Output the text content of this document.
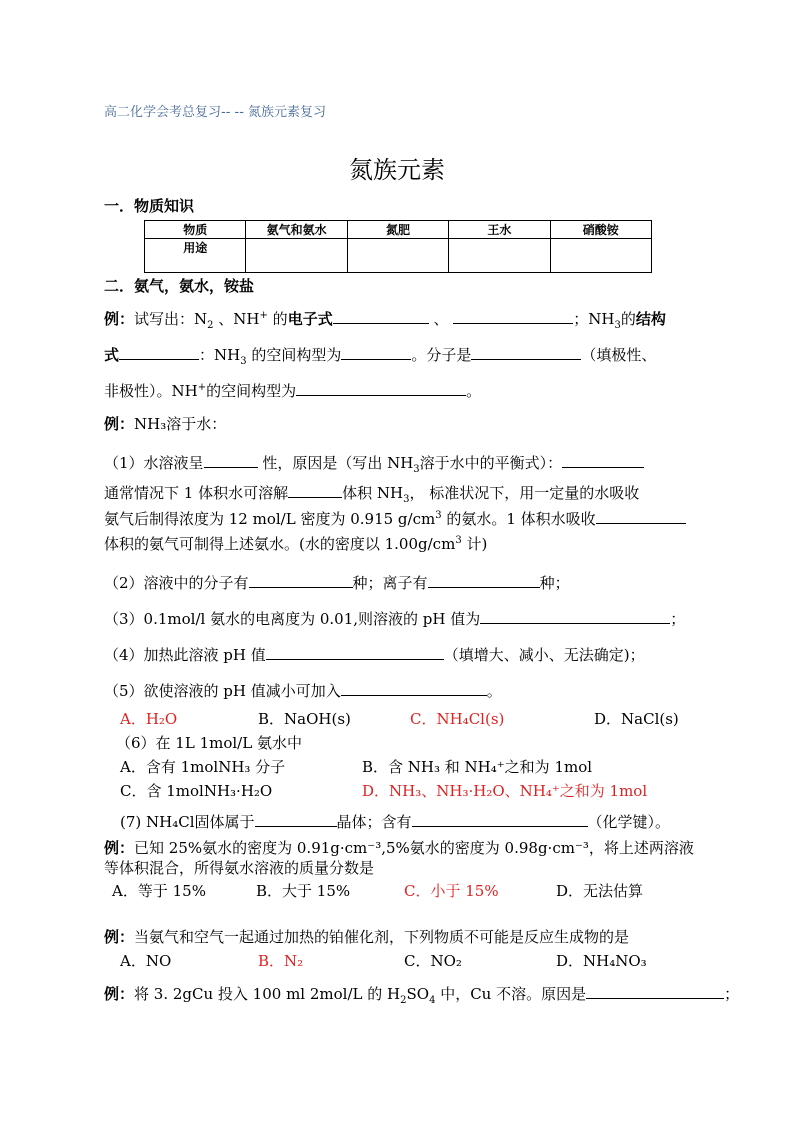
高二化学会考总复习-- -- 氮族元素复习
氮族元素
一．物质知识
物质	氨气和氨水	氮肥	王水	硝酸铵
用途				
二．氨气，氨水，铵盐
例：试写出：$N_2$ 、NH+ 的电子式	、	；$NH_3$的结构
式	：$NH_3$ 的空间构型为	。分子是	（填极性、
非极性）。NH+的空间构型为	。
例：NH₃溶于水：
（1）水溶液呈	性，原因是（写出 $NH_3$溶于水中的平衡式）：
通常情况下 1 体积水可溶解	体积 $NH_3$， 标准状况下，用一定量的水吸收
氨气后制得浓度为 12 mol/L 密度为 0.915 $g/cm^3$ 的氨水。1 体积水吸收
体积的氨气可制得上述氨水。(水的密度以 $1.00g/cm^3$ 计)
（2）溶液中的分子有	种；离子有	种；
（3）0.1mol/l 氨水的电离度为 0.01,则溶液的 pH 值为	；
（4）加热此溶液 pH 值	（填增大、减小、无法确定)；
（5）欲使溶液的 pH 值减小可加入	。
A．H₂O	B．NaOH(s)	C．NH₄Cl(s)	D．NaCl(s)
（6）在 1L 1mol/L 氨水中
A．含有 1molNH₃ 分子	B．含 NH₃ 和 NH₄⁺之和为 1mol
C．含 1molNH₃·H₂O	D．NH₃、NH₃·H₂O、NH₄⁺之和为 1mol
(7) NH₄Cl固体属于	晶体；含有	（化学键）。
例：已知 25%氨水的密度为 0.91g·cm⁻³,5%氨水的密度为 0.98g·cm⁻³，将上述两溶液
等体积混合，所得氨水溶液的质量分数是
A．等于 15%	B．大于 15%	C．小于 15%	D．无法估算
例：当氨气和空气一起通过加热的铂催化剂，下列物质不可能是反应生成物的是
A．NO	B．N₂	C．NO₂	D．NH₄NO₃
例：将 3. 2gCu 投入 100 ml 2mol/L 的 $H_2SO_4$ 中，Cu 不溶。原因是	；
